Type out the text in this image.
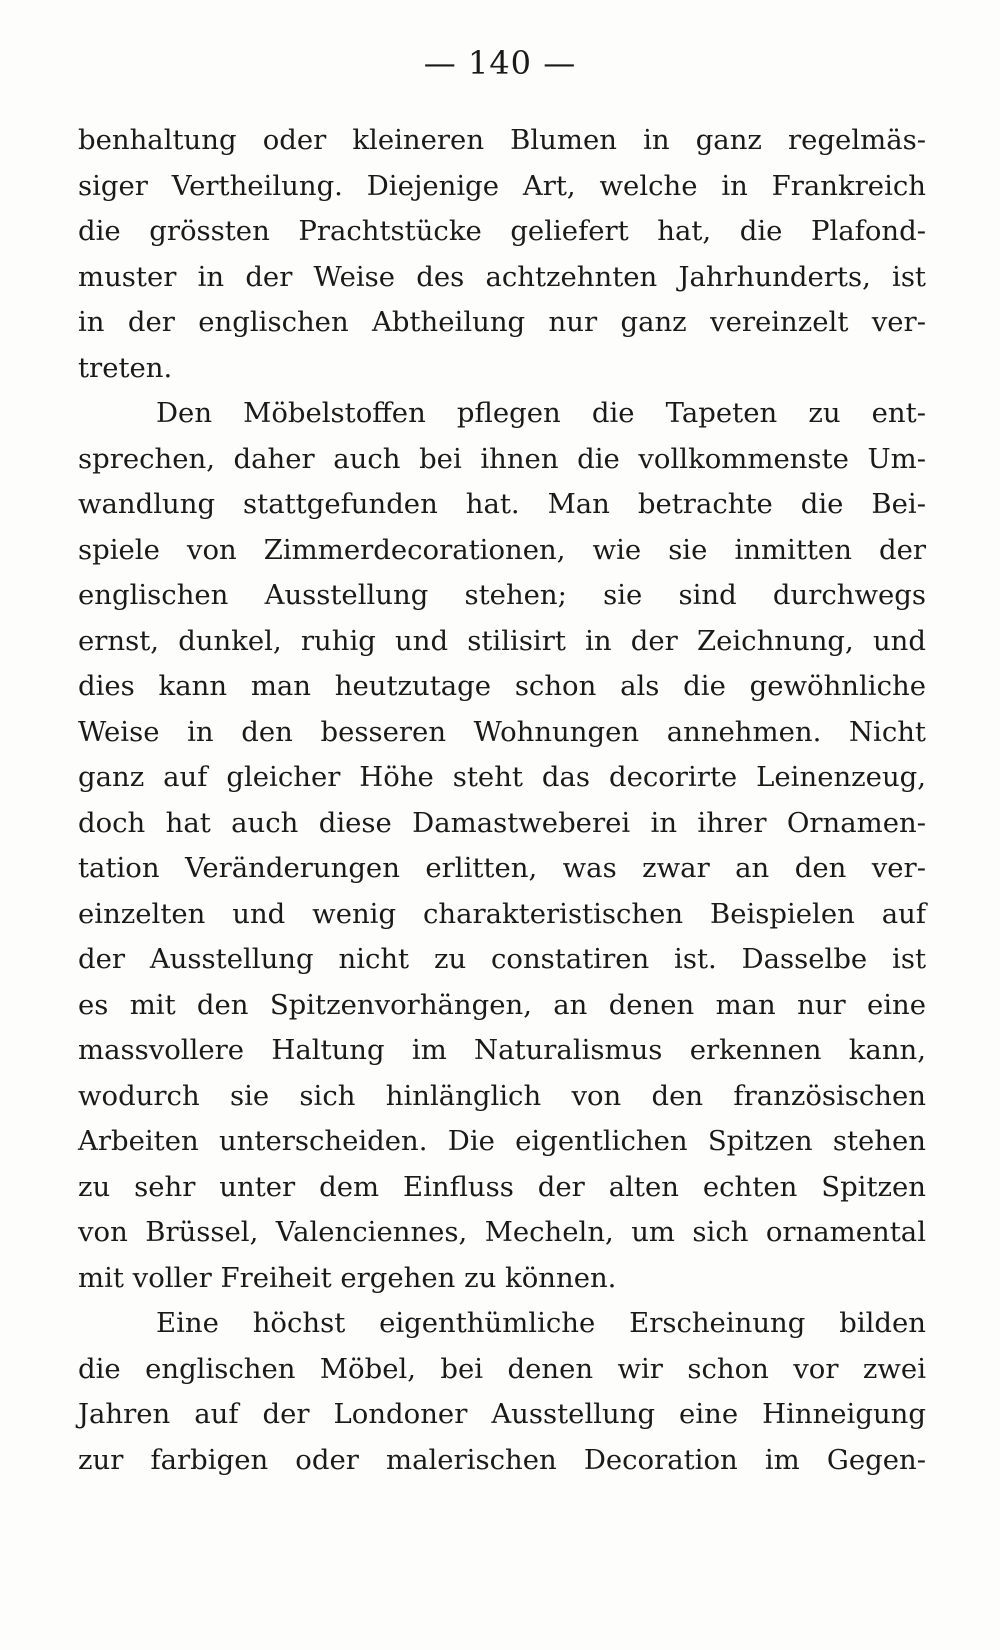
— 140 —
benhaltung oder kleineren Blumen in ganz regelmäs-
siger Vertheilung. Diejenige Art, welche in Frankreich
die grössten Prachtstücke geliefert hat, die Plafond-
muster in der Weise des achtzehnten Jahrhunderts, ist
in der englischen Abtheilung nur ganz vereinzelt ver-
treten.
Den Möbelstoffen pflegen die Tapeten zu ent-
sprechen, daher auch bei ihnen die vollkommenste Um-
wandlung stattgefunden hat. Man betrachte die Bei-
spiele von Zimmerdecorationen, wie sie inmitten der
englischen Ausstellung stehen; sie sind durchwegs
ernst, dunkel, ruhig und stilisirt in der Zeichnung, und
dies kann man heutzutage schon als die gewöhnliche
Weise in den besseren Wohnungen annehmen. Nicht
ganz auf gleicher Höhe steht das decorirte Leinenzeug,
doch hat auch diese Damastweberei in ihrer Ornamen-
tation Veränderungen erlitten, was zwar an den ver-
einzelten und wenig charakteristischen Beispielen auf
der Ausstellung nicht zu constatiren ist. Dasselbe ist
es mit den Spitzenvorhängen, an denen man nur eine
massvollere Haltung im Naturalismus erkennen kann,
wodurch sie sich hinlänglich von den französischen
Arbeiten unterscheiden. Die eigentlichen Spitzen stehen
zu sehr unter dem Einfluss der alten echten Spitzen
von Brüssel, Valenciennes, Mecheln, um sich ornamental
mit voller Freiheit ergehen zu können.
Eine höchst eigenthümliche Erscheinung bilden
die englischen Möbel, bei denen wir schon vor zwei
Jahren auf der Londoner Ausstellung eine Hinneigung
zur farbigen oder malerischen Decoration im Gegen-
